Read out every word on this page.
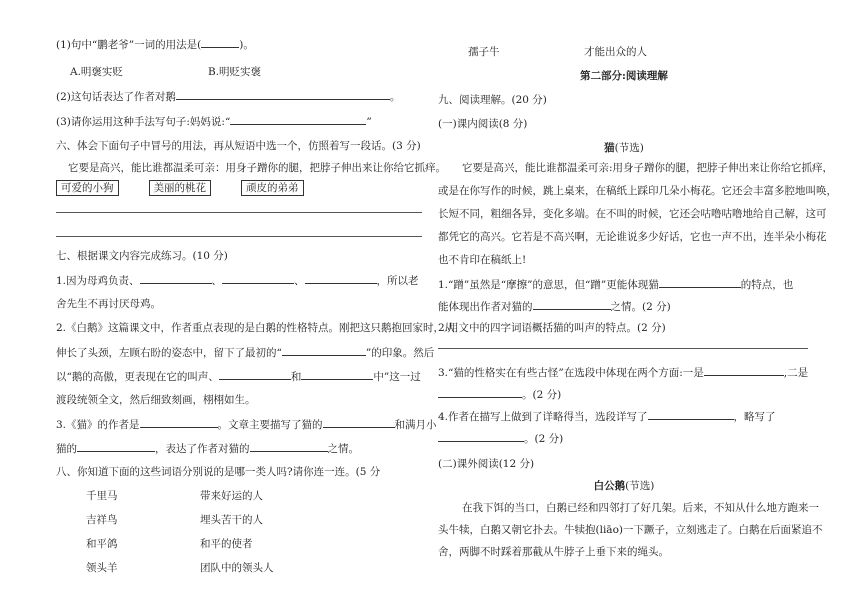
(1)句中“鹏老爷”一词的用法是(	)。
A.明褒实贬	B.明贬实褒
(2)这句话表达了作者对鹅	。
(3)请你运用这种手法写句子:妈妈说:“	”
六、体会下面句子中冒号的用法，再从短语中选一个，仿照着写一段话。(3 分)
它要是高兴，能比谁都温柔可亲：用身子蹭你的腿，把脖子伸出来让你给它抓痒。
可爱的小狗	美丽的桃花	顽皮的弟弟
七、根据课文内容完成练习。(10 分)
1.因为母鸡负责、	、	、	，所以老
舍先生不再讨厌母鸡。
2.《白鹅》这篇课文中，作者重点表现的是白鹅的性格特点。刚把这只鹅抱回家时，从
伸长了头颈，左顾右盼的姿态中，留下了最初的“	”的印象。然后
以“鹅的高傲，更表现在它的叫声、	和	中”这一过
渡段统领全文，然后细致刻画，栩栩如生。
3.《猫》的作者是	。文章主要描写了猫的	和满月小
猫的	，表达了作者对猫的	之情。
八、你知道下面的这些词语分别说的是哪一类人吗?请你连一连。(5 分
千里马	带来好运的人
吉祥鸟	埋头苦干的人
和平鸽	和平的使者
领头羊	团队中的领头人
孺子牛	才能出众的人
第二部分:阅读理解
九、阅读理解。(20 分)
(一)课内阅读(8 分)
猫(节选)
它要是高兴，能比谁都温柔可亲:用身子蹭你的腿，把脖子伸出来让你给它抓痒，
或是在你写作的时候，跳上桌来，在稿纸上踩印几朵小梅花。它还会丰富多腔地叫唤，
长短不同，粗细各异，变化多端。在不叫的时候，它还会咕噜咕噜地给自己解，这可
都凭它的高兴。它若是不高兴啊，无论谁说多少好话，它也一声不出，连半朵小梅花
也不肯印在稿纸上!
1.“蹭”虽然是“摩擦”的意思，但“蹭”更能体现猫	的特点，也
能体现出作者对猫的	之情。(2 分)
2.用文中的四字词语概括猫的叫声的特点。(2 分)
3.“猫的性格实在有些古怪”在选段中体现在两个方面:一是	,二是
。(2 分)
4.作者在描写上做到了详略得当，选段详写了	，略写了
。(2 分)
(二)课外阅读(12 分)
白公鹅(节选)
在我下饵的当口，白鹅已经和四邻打了好几架。后来，不知从什么地方跑来一
头牛犊，白鹅又朝它扑去。牛犊抱(liāo)一下蹶子，立刻逃走了。白鹅在后面紧追不
舍，两脚不时踩着那截从牛脖子上垂下来的绳头。
